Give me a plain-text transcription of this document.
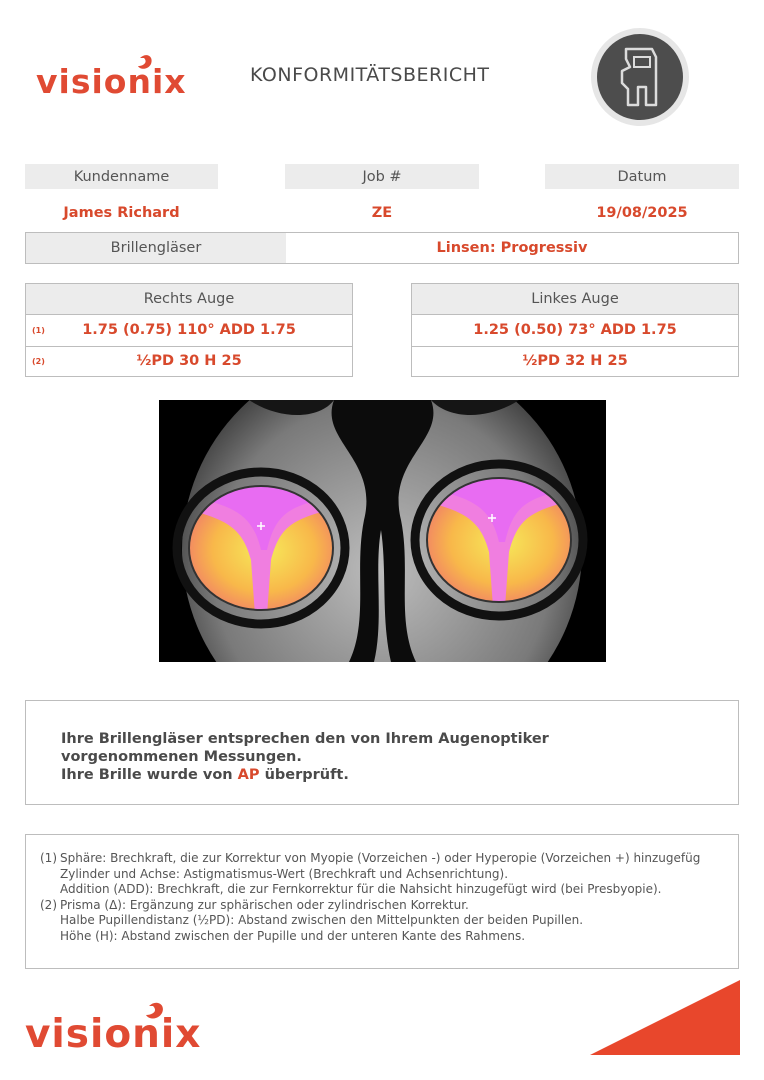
visionix	KONFORMITÄTSBERICHT
Kundenname	Job #	Datum
James Richard	ZE	19/08/2025
Brillengläser	Linsen: Progressiv
Rechts Auge
(1)	1.75 (0.75) 110° ADD 1.75
(2)	½PD 30 H 25
Linkes Auge
1.25 (0.50) 73° ADD 1.75
½PD 32 H 25
Ihre Brillengläser entsprechen den von Ihrem Augenoptiker
vorgenommenen Messungen.
Ihre Brille wurde von AP überprüft.
(1) Sphäre: Brechkraft, die zur Korrektur von Myopie (Vorzeichen -) oder Hyperopie (Vorzeichen +) hinzugefüg
Zylinder und Achse: Astigmatismus-Wert (Brechkraft und Achsenrichtung).
Addition (ADD): Brechkraft, die zur Fernkorrektur für die Nahsicht hinzugefügt wird (bei Presbyopie).
(2) Prisma (Δ): Ergänzung zur sphärischen oder zylindrischen Korrektur.
Halbe Pupillendistanz (½PD): Abstand zwischen den Mittelpunkten der beiden Pupillen.
Höhe (H): Abstand zwischen der Pupille und der unteren Kante des Rahmens.
visionix
